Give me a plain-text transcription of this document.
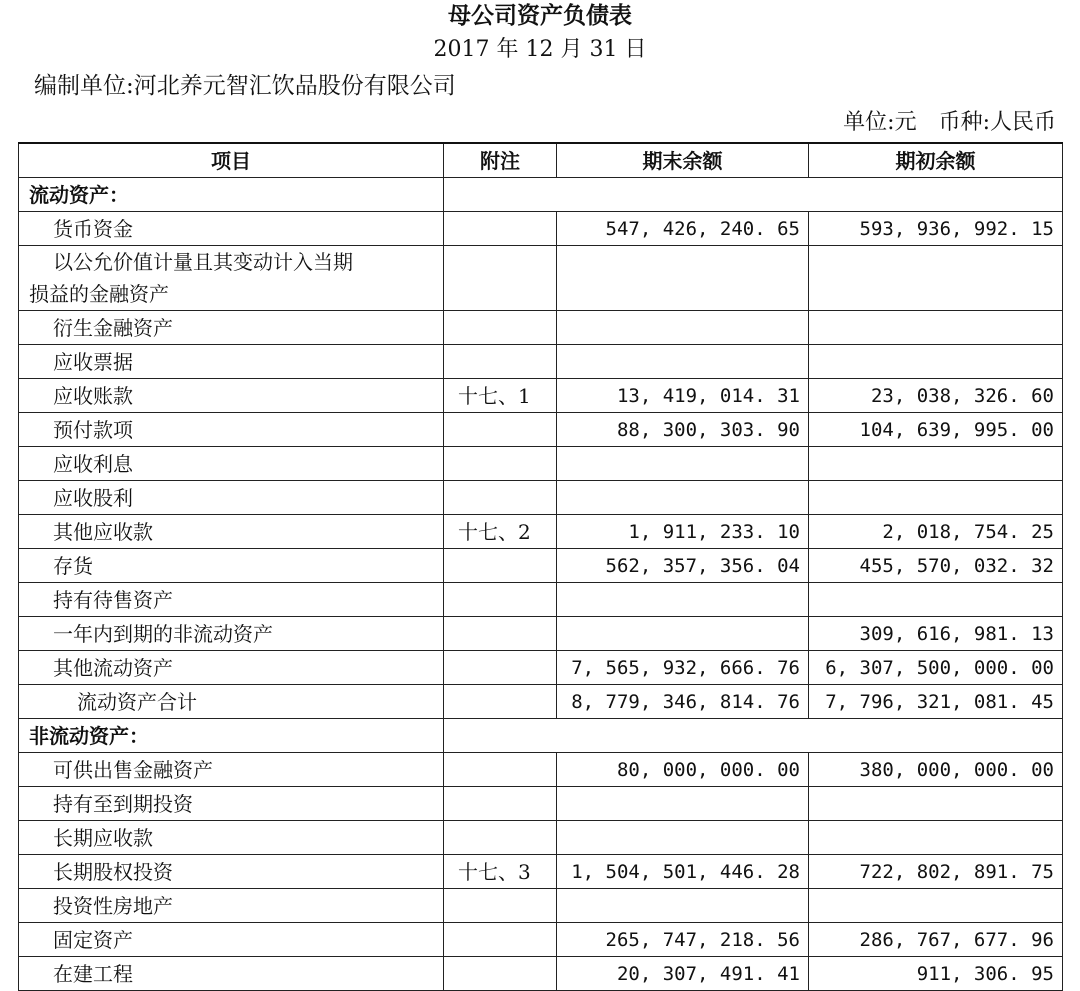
母公司资产负债表
2017 年 12 月 31 日
编制单位:河北养元智汇饮品股份有限公司
单位:元　币种:人民币
项目	附注	期末余额	期初余额
流动资产：			
货币资金		547, 426, 240. 65	593, 936, 992. 15

以公允价值计量且其变动计入当期
损益的金融资产			

衍生金融资产			
应收票据			
应收账款	十七、1	13, 419, 014. 31	23, 038, 326. 60
预付款项		88, 300, 303. 90	104, 639, 995. 00
应收利息			
应收股利			
其他应收款	十七、2	1, 911, 233. 10	2, 018, 754. 25
存货		562, 357, 356. 04	455, 570, 032. 32
持有待售资产			
一年内到期的非流动资产			309, 616, 981. 13
其他流动资产		7, 565, 932, 666. 76	6, 307, 500, 000. 00
流动资产合计		8, 779, 346, 814. 76	7, 796, 321, 081. 45
非流动资产：			
可供出售金融资产		80, 000, 000. 00	380, 000, 000. 00
持有至到期投资			
长期应收款			
长期股权投资	十七、3	1, 504, 501, 446. 28	722, 802, 891. 75
投资性房地产			
固定资产		265, 747, 218. 56	286, 767, 677. 96
在建工程		20, 307, 491. 41	911, 306. 95
